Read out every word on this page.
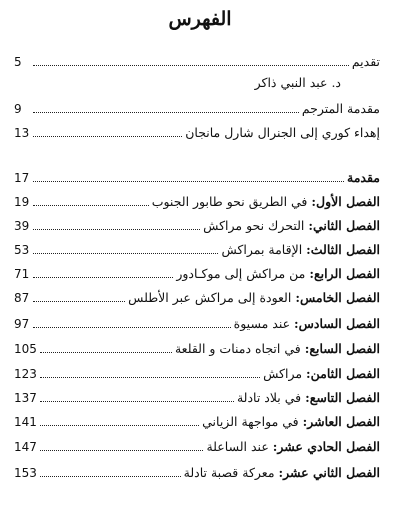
الفهرس
تقديم
5
د. عبد النبي ذاكر
مقدمة المترجم
9
إهداء كوري إلى الجنرال شارل مانجان
13
مقدمة
17
الفصل الأول: في الطريق نحو طابور الجنوب
19
الفصل الثاني: التحرك نحو مراكش
39
الفصل الثالث: الإقامة بمراكش
53
الفصل الرابع: من مراكش إلى موكـادور
71
الفصل الخامس: العودة إلى مراكش عبر الأطلس
87
الفصل السادس: عند مسيوة
97
الفصل السابع: في اتجاه دمنات و القلعة
105
الفصل الثامن: مراكش
123
الفصل التاسع: في بلاد تادلة
137
الفصل العاشر: في مواجهة الزياني
141
الفصل الحادي عشر: عند الساعلة
147
الفصل الثاني عشر: معركة قصبة تادلة
153
